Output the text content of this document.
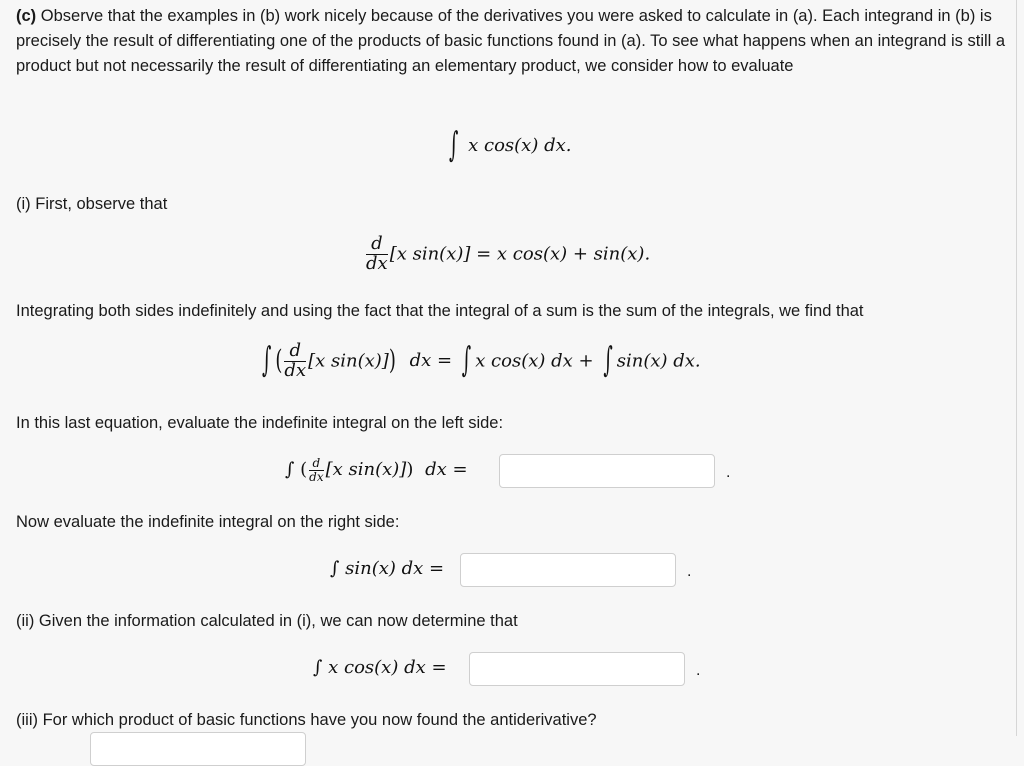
(c) Observe that the examples in (b) work nicely because of the derivatives you were asked to calculate in (a). Each integrand in (b) is precisely the result of differentiating one of the products of basic functions found in (a). To see what happens when an integrand is still a product but not necessarily the result of differentiating an elementary product, we consider how to evaluate
∫ x cos(x) dx.
(i) First, observe that
$\frac{d}{dx} [x$ sin(x)] = x cos(x) + sin(x).
Integrating both sides indefinitely and using the fact that the integral of a sum is the sum of the integrals, we find that
∫ ( $\frac{d}{dx} [x$ sin(x)]) dx = ∫ x cos(x) dx + ∫ sin(x) dx.
In this last equation, evaluate the indefinite integral on the left side:
∫ ( $\frac{d}{dx} [x$ sin(x)]) dx =	.
Now evaluate the indefinite integral on the right side:
∫ sin(x) dx =	.
(ii) Given the information calculated in (i), we can now determine that
∫ x cos(x) dx =	.
(iii) For which product of basic functions have you now found the antiderivative?
